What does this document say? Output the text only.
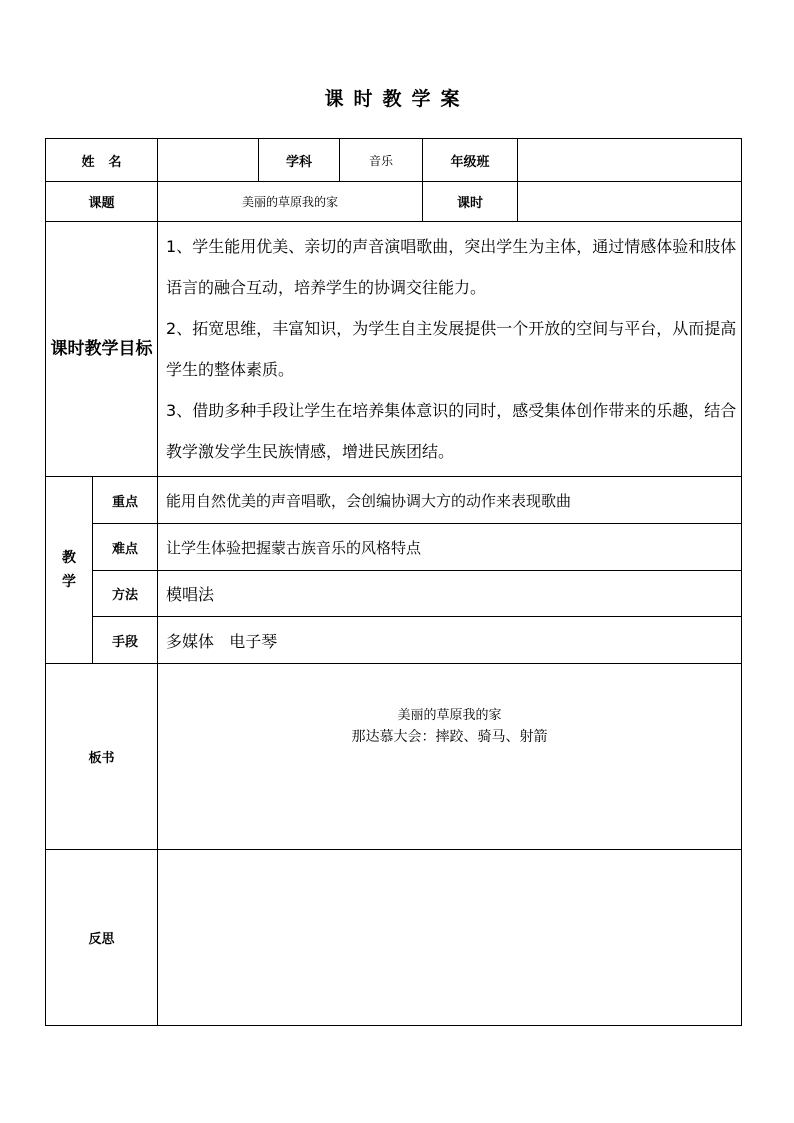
课时教学案
姓名			学科	音乐	年级班	
课题		美丽的草原我的家			课时	
课时教学目标		1、学生能用优美、亲切的声音演唱歌曲，突出学生为主体，通过情感体验和肢体语言的融合互动，培养学生的协调交往能力。

2、拓宽思维，丰富知识，为学生自主发展提供一个开放的空间与平台，从而提高学生的整体素质。

3、借助多种手段让学生在培养集体意识的同时，感受集体创作带来的乐趣，结合教学激发学生民族情感，增进民族团结。				

教学	重点	能用自然优美的声音唱歌，会创编协调大方的动作来表现歌曲				
	难点	让学生体验把握蒙古族音乐的风格特点				
	方法	模唱法				
	手段	多媒体   电子琴				
板书		美丽的草原我的家
那达慕大会：摔跤、骑马、射箭				

反思						
